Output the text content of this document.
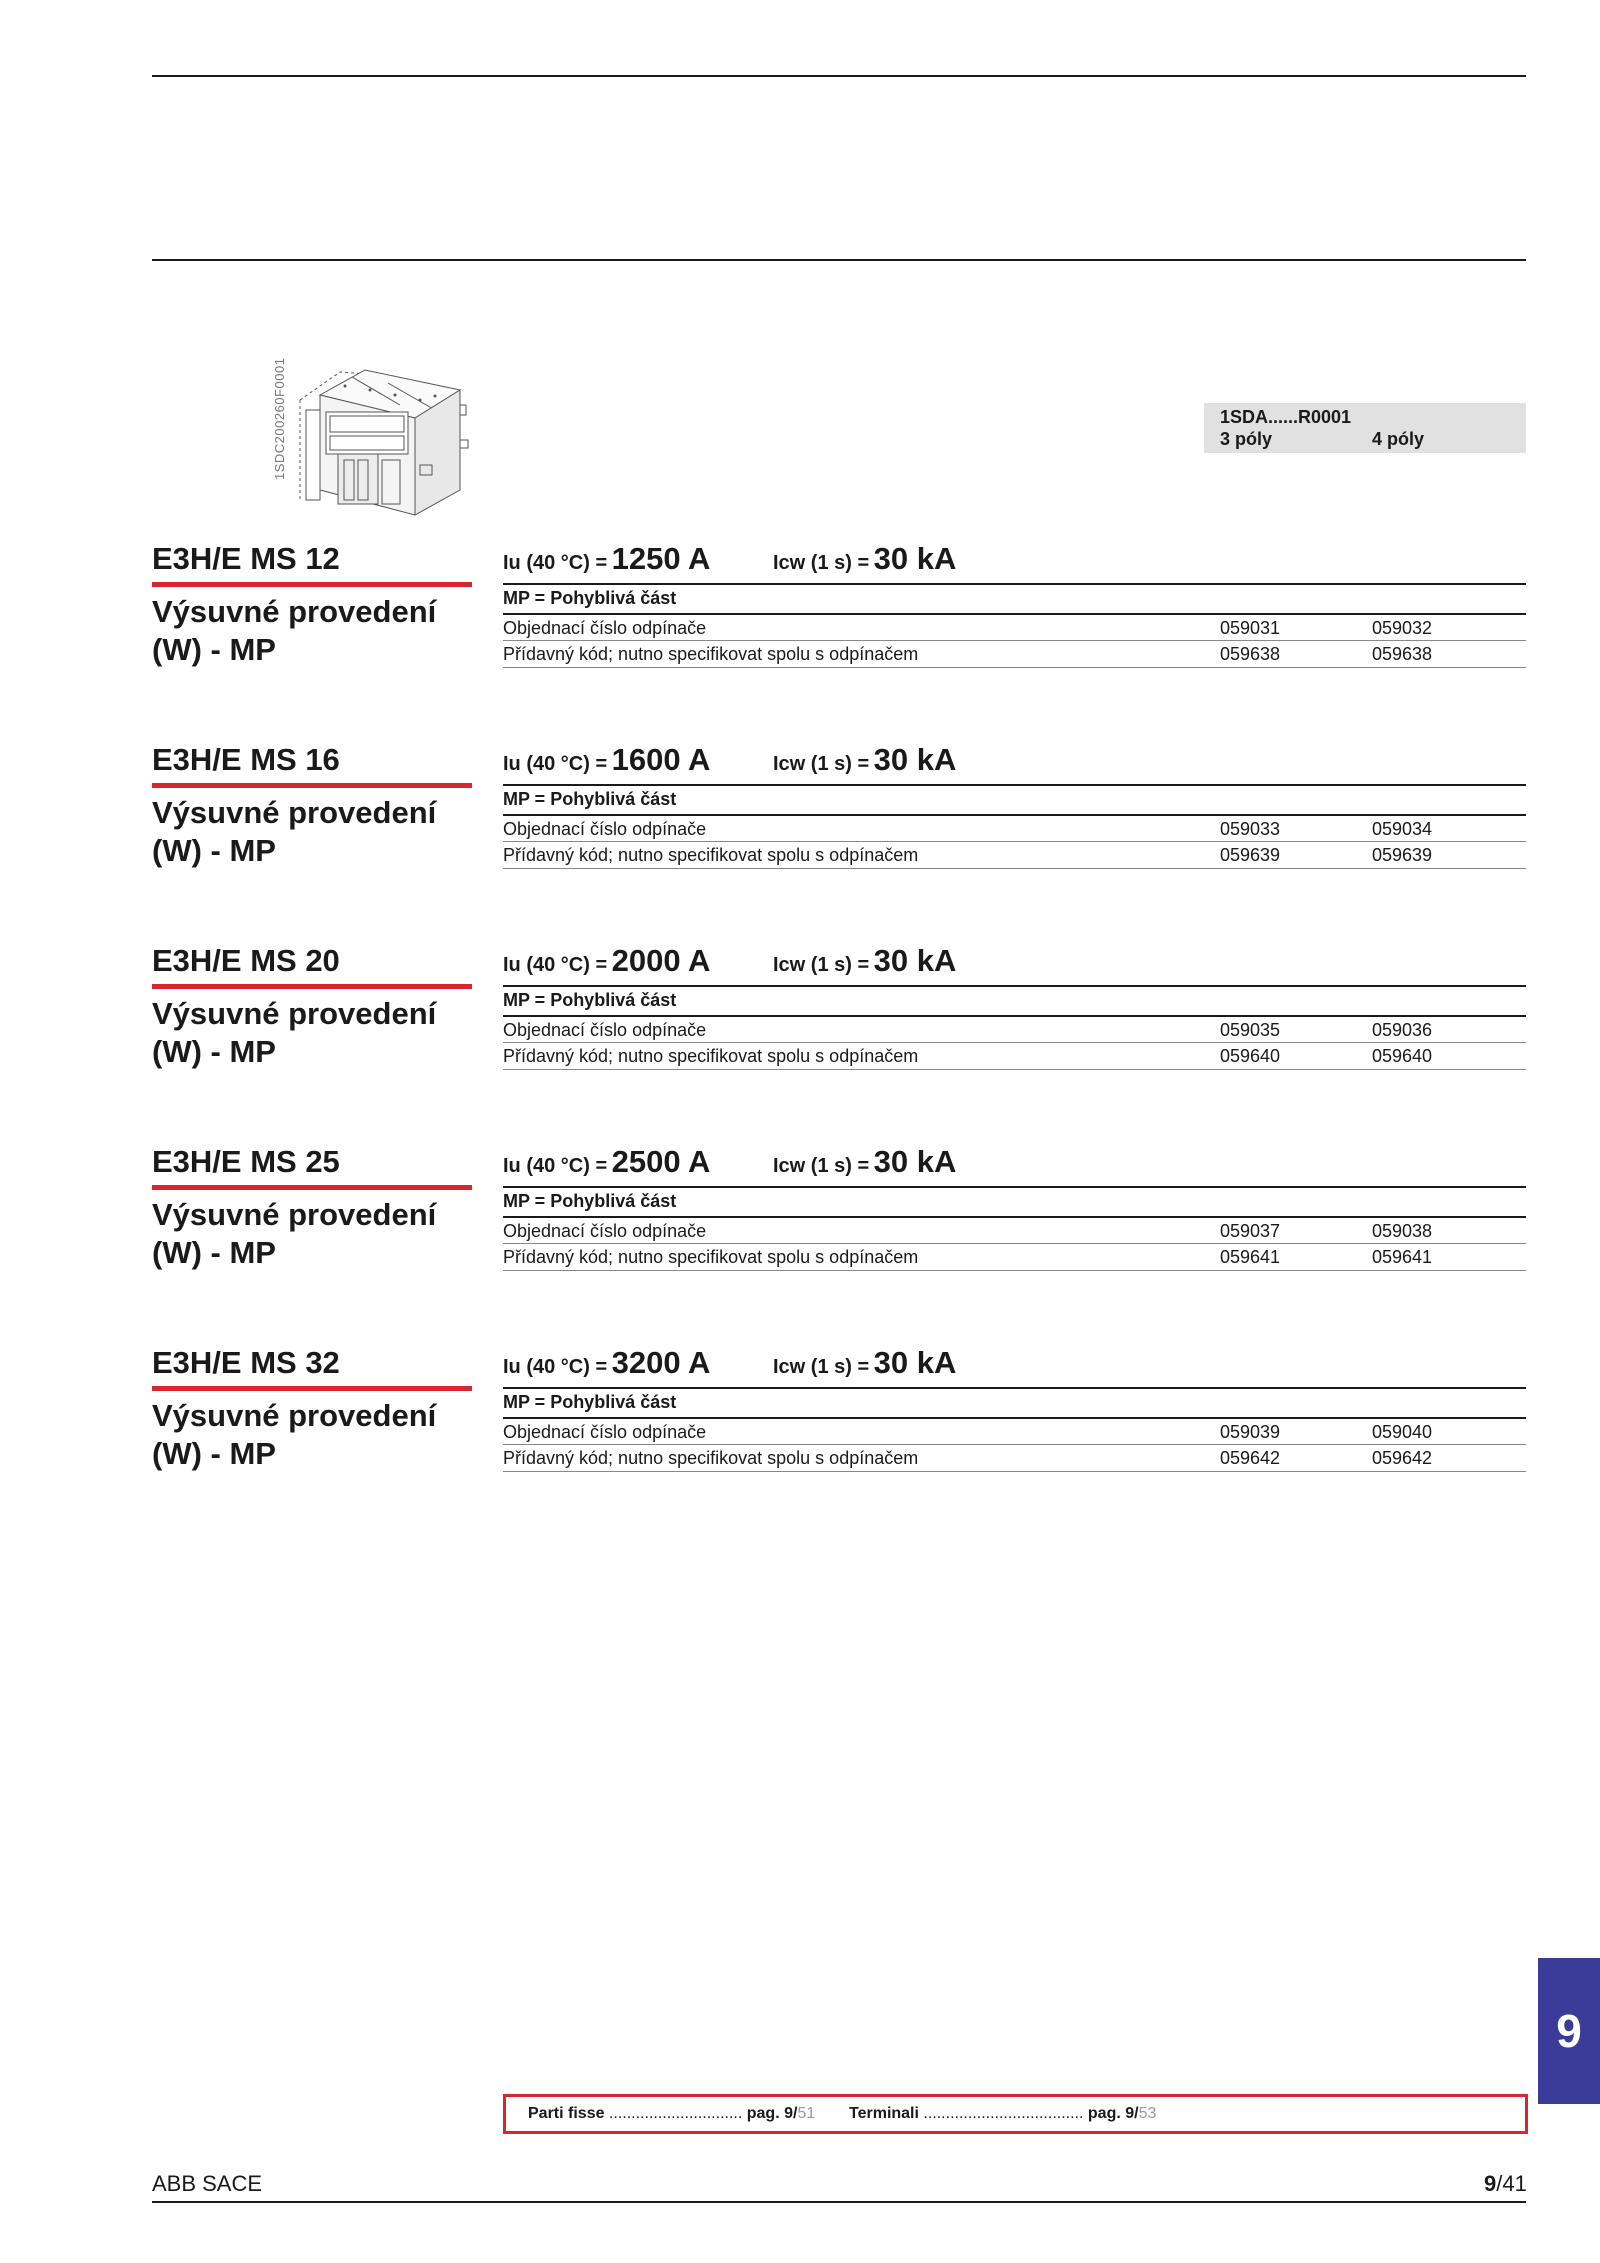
1SDC200260F0001	1SDA......R0001
3 póly	4 póly
E3H/E MS 12
Výsuvné provedení
(W) - MP
Iu (40 °C) = 1250 A	Icw (1 s) = 30 kA
MP = Pohyblivá část
Objednací číslo odpínače	059031	059032
Přídavný kód; nutno specifikovat spolu s odpínačem	059638	059638
E3H/E MS 16
Výsuvné provedení
(W) - MP
Iu (40 °C) = 1600 A	Icw (1 s) = 30 kA
MP = Pohyblivá část
Objednací číslo odpínače	059033	059034
Přídavný kód; nutno specifikovat spolu s odpínačem	059639	059639
E3H/E MS 20
Výsuvné provedení
(W) - MP
Iu (40 °C) = 2000 A	Icw (1 s) = 30 kA
MP = Pohyblivá část
Objednací číslo odpínače	059035	059036
Přídavný kód; nutno specifikovat spolu s odpínačem	059640	059640
E3H/E MS 25
Výsuvné provedení
(W) - MP
Iu (40 °C) = 2500 A	Icw (1 s) = 30 kA
MP = Pohyblivá část
Objednací číslo odpínače	059037	059038
Přídavný kód; nutno specifikovat spolu s odpínačem	059641	059641
E3H/E MS 32
Výsuvné provedení
(W) - MP
Iu (40 °C) = 3200 A	Icw (1 s) = 30 kA
MP = Pohyblivá část
Objednací číslo odpínače	059039	059040
Přídavný kód; nutno specifikovat spolu s odpínačem	059642	059642
9
Parti fisse .............................. pag. 9/51 Terminali .................................... pag. 9/53
ABB SACE	9/41
